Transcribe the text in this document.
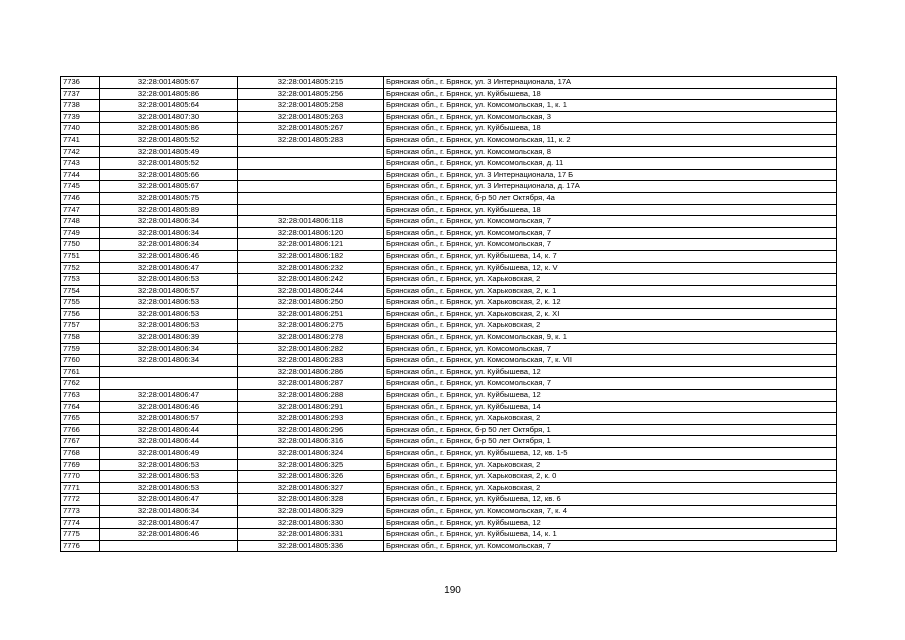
7736	32:28:0014805:67	32:28:0014805:215	Брянская обл., г. Брянск, ул. 3 Интернационала, 17А
7737	32:28:0014805:86	32:28:0014805:256	Брянская обл., г. Брянск, ул. Куйбышева, 18
7738	32:28:0014805:64	32:28:0014805:258	Брянская обл., г. Брянск, ул. Комсомольская, 1, к. 1
7739	32:28:0014807:30	32:28:0014805:263	Брянская обл., г. Брянск, ул. Комсомольская, 3
7740	32:28:0014805:86	32:28:0014805:267	Брянская обл., г. Брянск, ул. Куйбышева, 18
7741	32:28:0014805:52	32:28:0014805:283	Брянская обл., г. Брянск, ул. Комсомольская, 11, к. 2
7742	32:28:0014805:49		Брянская обл., г. Брянск, ул. Комсомольская, 8
7743	32:28:0014805:52		Брянская обл., г. Брянск, ул. Комсомольская, д. 11
7744	32:28:0014805:66		Брянская обл., г. Брянск, ул. 3 Интернационала, 17 Б
7745	32:28:0014805:67		Брянская обл., г. Брянск, ул. 3 Интернационала, д. 17А
7746	32:28:0014805:75		Брянская обл., г. Брянск, б-р 50 лет Октября, 4а
7747	32:28:0014805:89		Брянская обл., г. Брянск, ул. Куйбышева, 18
7748	32:28:0014806:34	32:28:0014806:118	Брянская обл., г. Брянск, ул. Комсомольская, 7
7749	32:28:0014806:34	32:28:0014806:120	Брянская обл., г. Брянск, ул. Комсомольская, 7
7750	32:28:0014806:34	32:28:0014806:121	Брянская обл., г. Брянск, ул. Комсомольская, 7
7751	32:28:0014806:46	32:28:0014806:182	Брянская обл., г. Брянск, ул. Куйбышева, 14, к. 7
7752	32:28:0014806:47	32:28:0014806:232	Брянская обл., г. Брянск, ул. Куйбышева, 12, к. V
7753	32:28:0014806:53	32:28:0014806:242	Брянская обл., г. Брянск, ул. Харьковская, 2
7754	32:28:0014806:57	32:28:0014806:244	Брянская обл., г. Брянск, ул. Харьковская, 2, к. 1
7755	32:28:0014806:53	32:28:0014806:250	Брянская обл., г. Брянск, ул. Харьковская, 2, к. 12
7756	32:28:0014806:53	32:28:0014806:251	Брянская обл., г. Брянск, ул. Харьковская, 2, к. XI
7757	32:28:0014806:53	32:28:0014806:275	Брянская обл., г. Брянск, ул. Харьковская, 2
7758	32:28:0014806:39	32:28:0014806:278	Брянская обл., г. Брянск, ул. Комсомольская, 9, к. 1
7759	32:28:0014806:34	32:28:0014806:282	Брянская обл., г. Брянск, ул. Комсомольская, 7
7760	32:28:0014806:34	32:28:0014806:283	Брянская обл., г. Брянск, ул. Комсомольская, 7, к. VII
7761		32:28:0014806:286	Брянская обл., г. Брянск, ул. Куйбышева, 12
7762		32:28:0014806:287	Брянская обл., г. Брянск, ул. Комсомольская, 7
7763	32:28:0014806:47	32:28:0014806:288	Брянская обл., г. Брянск, ул. Куйбышева, 12
7764	32:28:0014806:46	32:28:0014806:291	Брянская обл., г. Брянск, ул. Куйбышева, 14
7765	32:28:0014806:57	32:28:0014806:293	Брянская обл., г. Брянск, ул. Харьковская, 2
7766	32:28:0014806:44	32:28:0014806:296	Брянская обл., г. Брянск, б-р 50 лет Октября, 1
7767	32:28:0014806:44	32:28:0014806:316	Брянская обл., г. Брянск, б-р 50 лет Октября, 1
7768	32:28:0014806:49	32:28:0014806:324	Брянская обл., г. Брянск, ул. Куйбышева, 12, кв. 1-5
7769	32:28:0014806:53	32:28:0014806:325	Брянская обл., г. Брянск, ул. Харьковская, 2
7770	32:28:0014806:53	32:28:0014806:326	Брянская обл., г. Брянск, ул. Харьковская, 2, к. 0
7771	32:28:0014806:53	32:28:0014806:327	Брянская обл., г. Брянск, ул. Харьковская, 2
7772	32:28:0014806:47	32:28:0014806:328	Брянская обл., г. Брянск, ул. Куйбышева, 12, кв. 6
7773	32:28:0014806:34	32:28:0014806:329	Брянская обл., г. Брянск, ул. Комсомольская, 7, к. 4
7774	32:28:0014806:47	32:28:0014806:330	Брянская обл., г. Брянск, ул. Куйбышева, 12
7775	32:28:0014806:46	32:28:0014806:331	Брянская обл., г. Брянск, ул. Куйбышева, 14, к. 1
7776		32:28:0014805:336	Брянская обл., г. Брянск, ул. Комсомольская, 7
190
